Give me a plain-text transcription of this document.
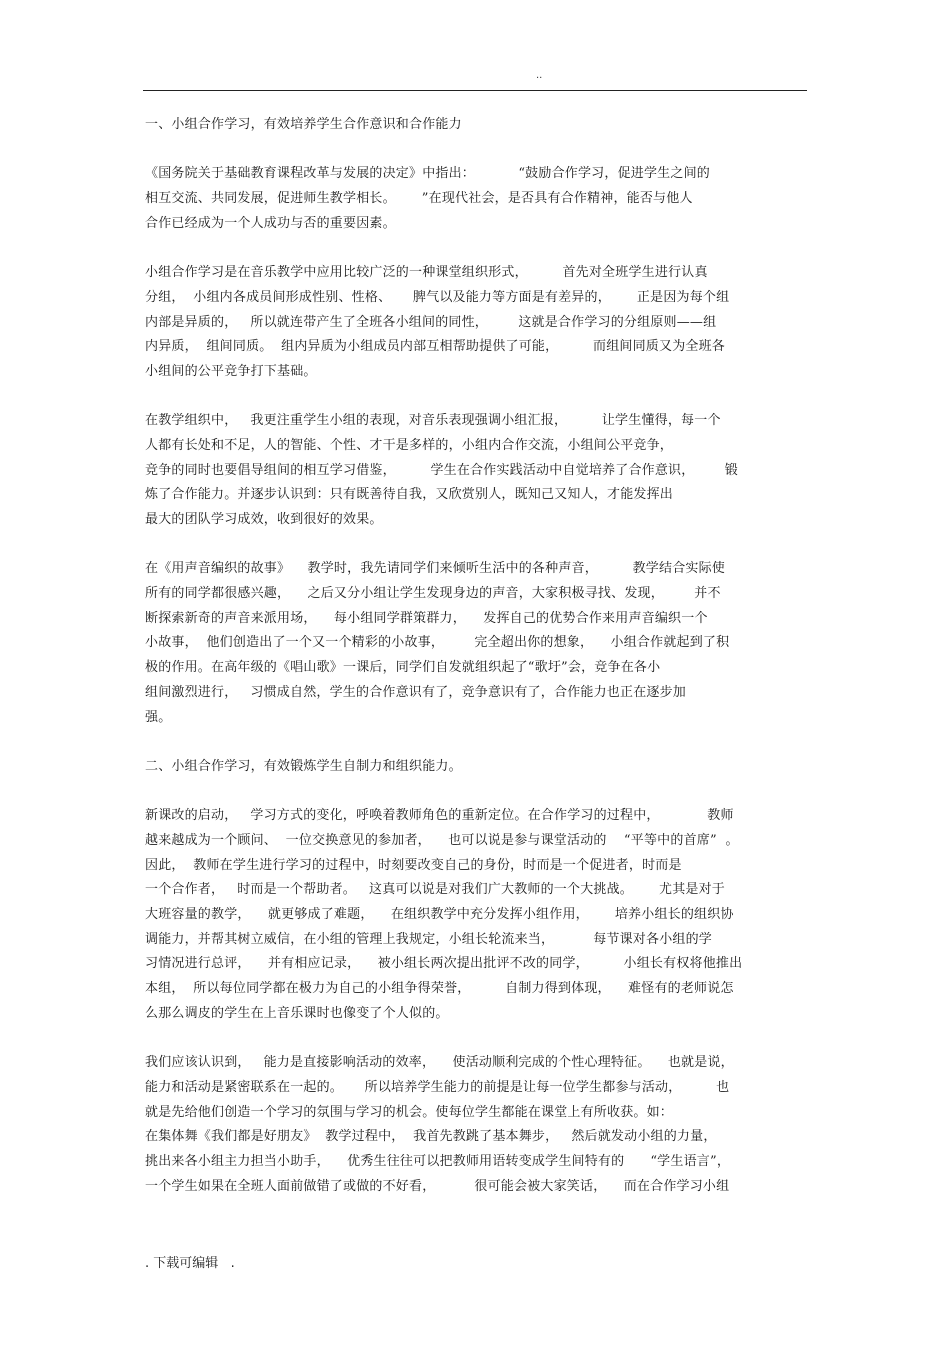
..
一、小组合作学习，有效培养学生合作意识和合作能力
《国务院关于基础教育课程改革与发展的决定》中指出：          “鼓励合作学习，促进学生之间的
相互交流、共同发展，促进师生教学相长。      ”在现代社会，是否具有合作精神，能否与他人
合作已经成为一个人成功与否的重要因素。
小组合作学习是在音乐教学中应用比较广泛的一种课堂组织形式，        首先对全班学生进行认真
分组，  小组内各成员间形成性别、性格、     脾气以及能力等方面是有差异的，      正是因为每个组
内部是异质的，   所以就连带产生了全班各小组间的同性，       这就是合作学习的分组原则——组
内异质，  组间同质。  组内异质为小组成员内部互相帮助提供了可能，        而组间同质又为全班各
小组间的公平竞争打下基础。
在教学组织中，   我更注重学生小组的表现，对音乐表现强调小组汇报，        让学生懂得，每一个
人都有长处和不足，人的智能、个性、才干是多样的，小组内合作交流，小组间公平竞争，
竞争的同时也要倡导组间的相互学习借鉴，        学生在合作实践活动中自觉培养了合作意识，       锻
炼了合作能力。并逐步认识到：只有既善待自我，又欣赏别人，既知己又知人，才能发挥出
最大的团队学习成效，收到很好的效果。
在《用声音编织的故事》    教学时，我先请同学们来倾听生活中的各种声音，        教学结合实际使
所有的同学都很感兴趣，    之后又分小组让学生发现身边的声音，大家积极寻找、发现，       并不
断探索新奇的声音来派用场，    每小组同学群策群力，    发挥自己的优势合作来用声音编织一个
小故事，  他们创造出了一个又一个精彩的小故事，       完全超出你的想象，    小组合作就起到了积
极的作用。在高年级的《唱山歌》一课后，同学们自发就组织起了“歌圩”会，竞争在各小
组间激烈进行，   习惯成自然，学生的合作意识有了，竞争意识有了，合作能力也正在逐步加
强。
二、小组合作学习，有效锻炼学生自制力和组织能力。
新课改的启动，   学习方式的变化，呼唤着教师角色的重新定位。在合作学习的过程中，           教师
越来越成为一个顾问、  一位交换意见的参加者，    也可以说是参与课堂活动的    “平等中的首席”  。
因此，  教师在学生进行学习的过程中，时刻要改变自己的身份，时而是一个促进者，时而是
一个合作者，   时而是一个帮助者。   这真可以说是对我们广大教师的一个大挑战。      尤其是对于
大班容量的教学，    就更够成了难题，    在组织教学中充分发挥小组作用，      培养小组长的组织协
调能力，并帮其树立威信，在小组的管理上我规定，小组长轮流来当，         每节课对各小组的学
习情况进行总评，    并有相应记录，    被小组长两次提出批评不改的同学，        小组长有权将他推出
本组，  所以每位同学都在极力为自己的小组争得荣誉，        自制力得到体现，    难怪有的老师说怎
么那么调皮的学生在上音乐课时也像变了个人似的。
我们应该认识到，   能力是直接影响活动的效率，    使活动顺利完成的个性心理特征。    也就是说，
能力和活动是紧密联系在一起的。     所以培养学生能力的前提是让每一位学生都参与活动，        也
就是先给他们创造一个学习的氛围与学习的机会。使每位学生都能在课堂上有所收获。如：
在集体舞《我们都是好朋友》  教学过程中，  我首先教跳了基本舞步，   然后就发动小组的力量，
挑出来各小组主力担当小助手，    优秀生往往可以把教师用语转变成学生间特有的      “学生语言”，
一个学生如果在全班人面前做错了或做的不好看，         很可能会被大家笑话，    而在合作学习小组
. 下载可编辑   .
